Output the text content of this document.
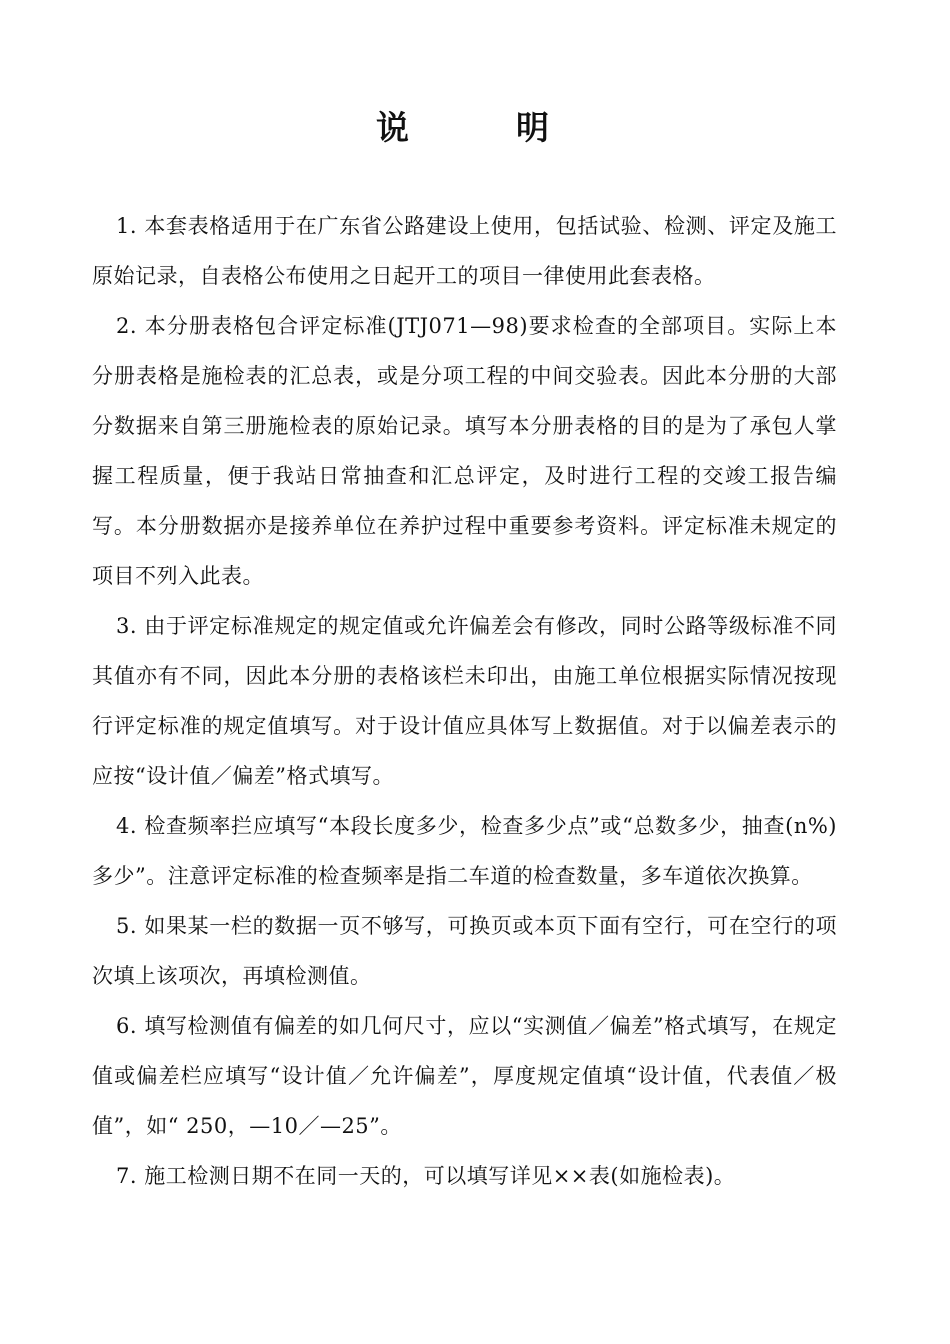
说	明

1. 本套表格适用于在广东省公路建设上使用，包括试验、检测、评定及施工原始记录，自表格公布使用之日起开工的项目一律使用此套表格。

2. 本分册表格包合评定标准(JTJ071—98)要求检查的全部项目。实际上本分册表格是施检表的汇总表，或是分项工程的中间交验表。因此本分册的大部分数据来自第三册施检表的原始记录。填写本分册表格的目的是为了承包人掌握工程质量，便于我站日常抽查和汇总评定，及时进行工程的交竣工报告编写。本分册数据亦是接养单位在养护过程中重要参考资料。评定标准未规定的项目不列入此表。

3. 由于评定标准规定的规定值或允许偏差会有修改，同时公路等级标准不同其值亦有不同，因此本分册的表格该栏未印出，由施工单位根据实际情况按现行评定标准的规定值填写。对于设计值应具体写上数据值。对于以偏差表示的应按“设计值／偏差”格式填写。

4. 检查频率拦应填写“本段长度多少，检查多少点”或“总数多少，抽查(n%)多少”。注意评定标准的检查频率是指二车道的检查数量，多车道依次换算。

5. 如果某一栏的数据一页不够写，可换页或本页下面有空行，可在空行的项次填上该项次，再填检测值。

6. 填写检测值有偏差的如几何尺寸，应以“实测值／偏差”格式填写，在规定值或偏差栏应填写“设计值／允许偏差”，厚度规定值填“设计值，代表值／极值”，如“ 250，—10／—25”。

7. 施工检测日期不在同一天的，可以填写详见××表(如施检表)。
